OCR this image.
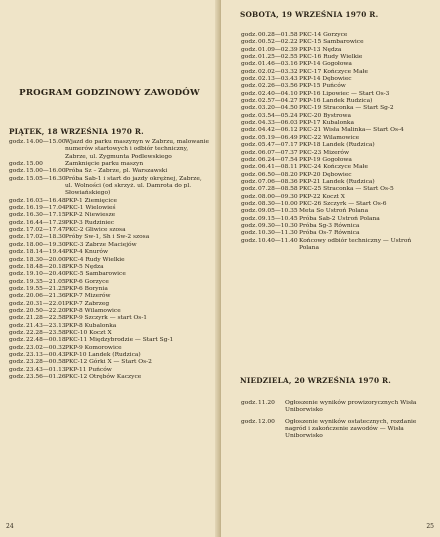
PROGRAM GODZINOWY ZAWODÓW
PIĄTEK, 18 WRZEŚNIA 1970 R.
godz. 14.00—15.00 Wjazd do parku maszynyn w Zabrzu, malowanie numerów startowych i odbiór techniczny, Zabrze, ul. Zygmunta Podlewskiego
godz. 15.00	Zamknięcie parku maszyn
godz. 15.00—16.00 Próba Sz – Zabrze, pl. Warszawski
godz. 15.05—16.30 Próba Sab-1 i start do jazdy okrężnej, Zabrze, ul. Wolności (od skrzyż. ul. Damrota do pl. Słowiańskiego)
godz. 16.03—16.48 PKP-1 Ziemięcice
godz. 16.19—17.04 PKC-1 Wielowieś
godz. 16.30—17.15 PKP-2 Niewiesze
godz. 16.44—17.29 PKP-3 Rudziniec
godz. 17.02—17.47 PKC-2 Gliwice szosa
godz. 17.02—18.30 Próby Sw-1, Sh i Sw-2 szosa
godz. 18.00—19.30 PKC-3 Zabrze Maciejów
godz. 18.14—19.44 PKP-4 Knurów
godz. 18.30—20.00 PKC-4 Rudy Wielkie
godz. 18.48—20.18 PKP-5 Nędza
godz. 19.10—20.40 PKC-5 Sambarowice
godz. 19.35—21.05 PKP-6 Gorzyce
godz. 19.55—21.25 PKP-6 Borynia
godz. 20.06—21.36 PKP-7 Mizerów
godz. 20.31—22.01 PKP-7 Zabrzeg
godz. 20.50—22.20 PKP-8 Wilamowice
godz. 21.28—22.58 PKP-9 Szczyrk — start Os-1
godz. 21.43—23.13 PKP-8 Kubalonka
godz. 22.28—23.58 PKC-10 Koczt X
godz. 22.48—00.18 PKC-11 Międzybrodzie — Start Sg-1
godz. 23.02—00.32 PKP-9 Komorowice
godz. 23.13—00.43 PKP-10 Landek (Rudzica)
godz. 23.28—00.58 PKC-12 Górki X — Start Os-2
godz. 23.43—01.13 PKP-11 Puńców
godz. 23.56—01.26 PKC-12 Otrębów Kaczyce
24
SOBOTA, 19 WRZEŚNIA 1970 R.
godz. 00.28—01.58 PKC-14 Gorzyce
godz. 00.52—02.22 PKC-15 Sambarowice
godz. 01.09—02.39 PKP-13 Nędza
godz. 01.25—02.55 PKC-16 Rudy Wielkie
godz. 01.46—03.16 PKP-14 Gogołowa
godz. 02.02—03.32 PKC-17 Kończyce Małe
godz. 02.13—03.43 PKP-14 Dębowiec
godz. 02.26—03.56 PKP-15 Puńców
godz. 02.40—04.10 PKP-16 Lipowiec — Start Os-3
godz. 02.57—04.27 PKP-16 Landek Rudzica)
godz. 03.20—04.50 PKC-19 Straconka — Start Sg-2
godz. 03.54—05.24 PKC-20 Bystrowa
godz. 04.33—06.03 PKP-17 Kubalonka
godz. 04.42—06.12 PKC-21 Wisła Malinka— Start Os-4
godz. 05.19—06.49 PKC-22 Wilamowice
godz. 05.47—07.17 PKP-18 Landek (Rudzica)
godz. 06.07—07.37 PKC-23 Mizerów
godz. 06.24—07.54 PKP-19 Gogołowa
godz. 06.41—08.11 PKC-24 Kończyce Małe
godz. 06.50—08.20 PKP-20 Dębowiec
godz. 07.06—08.36 PKP-21 Landek (Rudzica)
godz. 07.28—08.58 PKC-25 Straconka — Start Os-5
godz. 08.00—09.30 PKP-22 Koczt X
godz. 08.30—10.00 PKC-26 Szczyrk — Start Os-6
godz. 09.05—10.35 Meta So Ustroń Polana
godz. 09.15—10.45 Próba Sab-2 Ustroń Polana
godz. 09.30—10.30 Próba Sg-3 Równica
godz. 10.30—11.30 Próba Os-7 Równica
godz. 10.40—11.40 Końcowy odbiór techniczny — Ustroń Polana
NIEDZIELA, 20 WRZEŚNIA 1970 R.
godz. 11.20	Ogłoszenie wyników prowizorycznych Wisła Uniborwisko
godz. 12.00	Ogłoszenie wyników ostatecznych, rozdanie nagród i zakończenie zawodów — Wisła Uniborwisko
25
